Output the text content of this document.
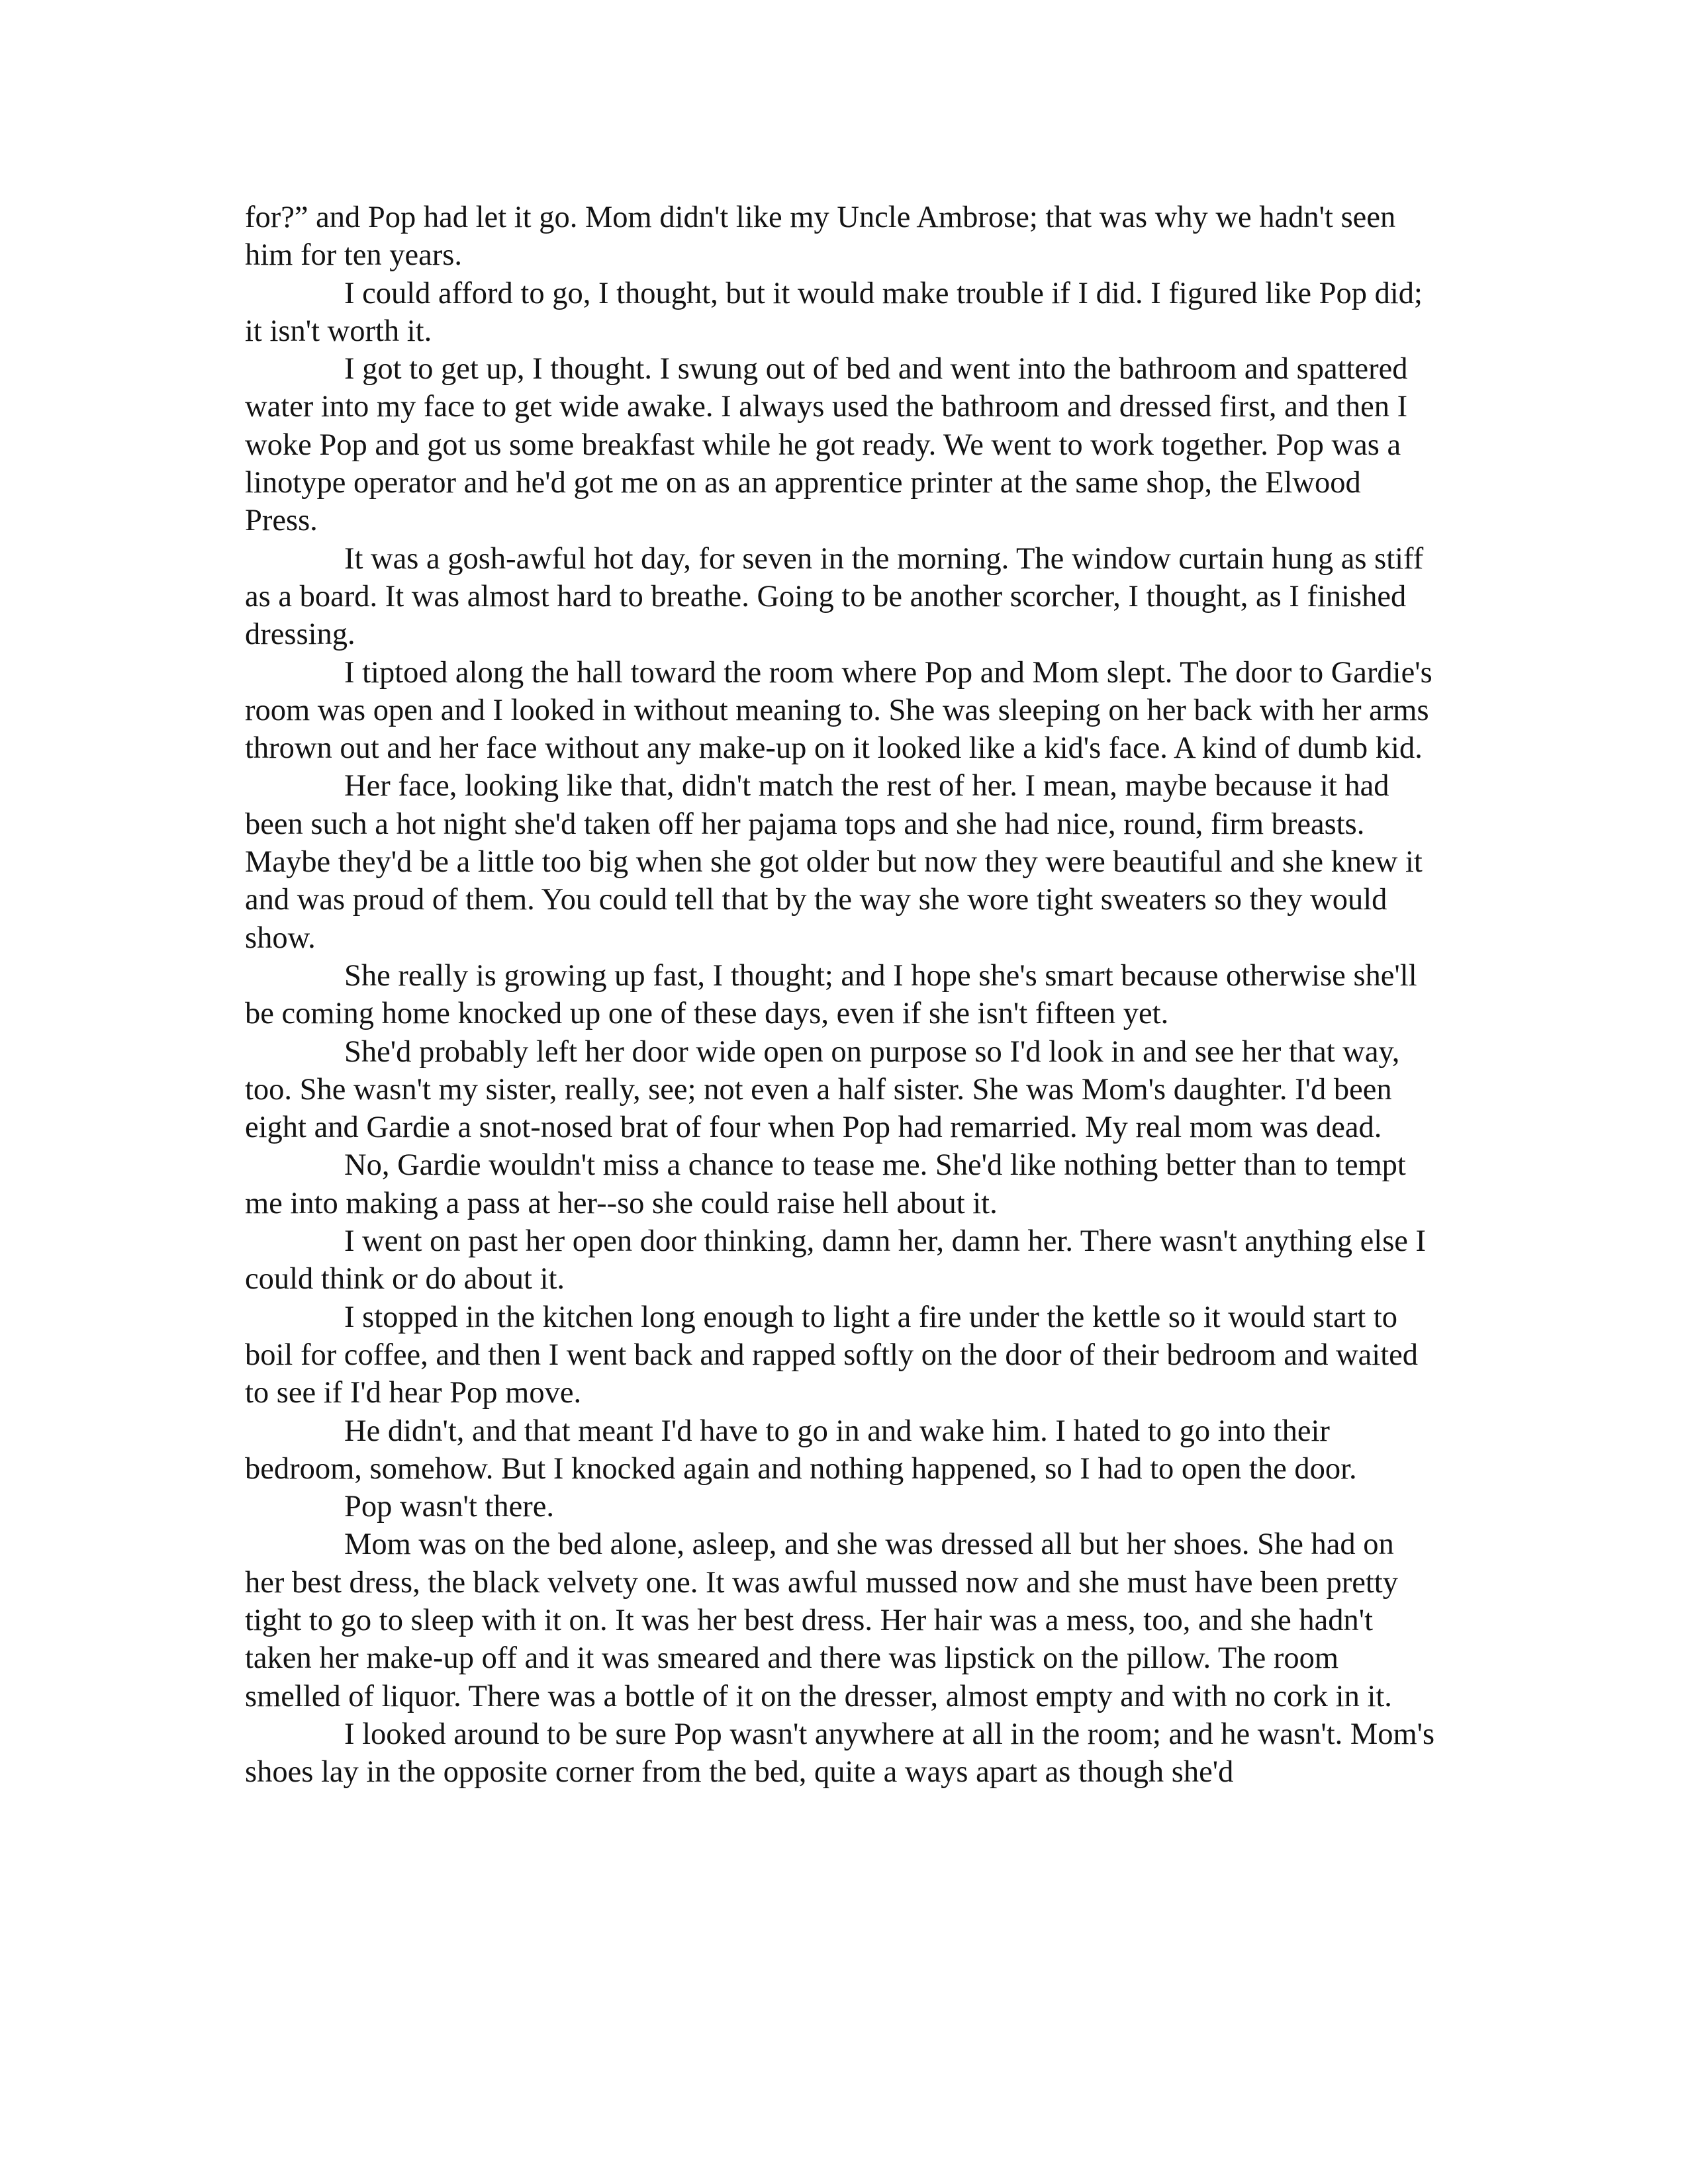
for?” and Pop had let it go. Mom didn't like my Uncle Ambrose; that was why we hadn't seen him for ten years.

I could afford to go, I thought, but it would make trouble if I did. I figured like Pop did; it isn't worth it.

I got to get up, I thought. I swung out of bed and went into the bathroom and spattered water into my face to get wide awake. I always used the bathroom and dressed first, and then I woke Pop and got us some breakfast while he got ready. We went to work together. Pop was a linotype operator and he'd got me on as an apprentice printer at the same shop, the Elwood Press.

It was a gosh-awful hot day, for seven in the morning. The window curtain hung as stiff as a board. It was almost hard to breathe. Going to be another scorcher, I thought, as I finished dressing.

I tiptoed along the hall toward the room where Pop and Mom slept. The door to Gardie's room was open and I looked in without meaning to. She was sleeping on her back with her arms thrown out and her face without any make-up on it looked like a kid's face. A kind of dumb kid.

Her face, looking like that, didn't match the rest of her. I mean, maybe because it had been such a hot night she'd taken off her pajama tops and she had nice, round, firm breasts. Maybe they'd be a little too big when she got older but now they were beautiful and she knew it and was proud of them. You could tell that by the way she wore tight sweaters so they would show.

She really is growing up fast, I thought; and I hope she's smart because otherwise she'll be coming home knocked up one of these days, even if she isn't fifteen yet.

She'd probably left her door wide open on purpose so I'd look in and see her that way, too. She wasn't my sister, really, see; not even a half sister. She was Mom's daughter. I'd been eight and Gardie a snot-nosed brat of four when Pop had remarried. My real mom was dead.

No, Gardie wouldn't miss a chance to tease me. She'd like nothing better than to tempt me into making a pass at her--so she could raise hell about it.

I went on past her open door thinking, damn her, damn her. There wasn't anything else I could think or do about it.

I stopped in the kitchen long enough to light a fire under the kettle so it would start to boil for coffee, and then I went back and rapped softly on the door of their bedroom and waited to see if I'd hear Pop move.

He didn't, and that meant I'd have to go in and wake him. I hated to go into their bedroom, somehow. But I knocked again and nothing happened, so I had to open the door.

Pop wasn't there.

Mom was on the bed alone, asleep, and she was dressed all but her shoes. She had on her best dress, the black velvety one. It was awful mussed now and she must have been pretty tight to go to sleep with it on. It was her best dress. Her hair was a mess, too, and she hadn't taken her make-up off and it was smeared and there was lipstick on the pillow. The room smelled of liquor. There was a bottle of it on the dresser, almost empty and with no cork in it.

I looked around to be sure Pop wasn't anywhere at all in the room; and he wasn't. Mom's shoes lay in the opposite corner from the bed, quite a ways apart as though she'd
